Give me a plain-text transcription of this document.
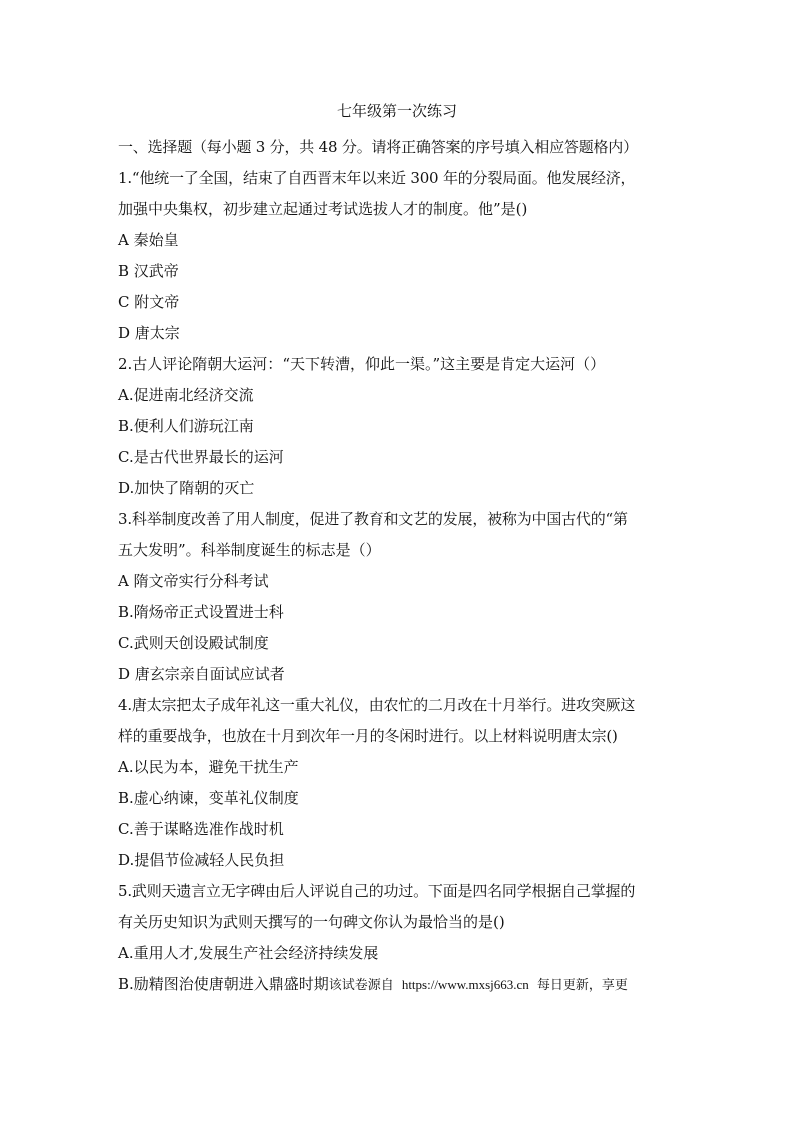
七年级第一次练习
一、选择题（每小题 3 分，共 48 分。请将正确答案的序号填入相应答题格内）
1.“他统一了全国，结束了自西晋末年以来近 300 年的分裂局面。他发展经济，
加强中央集权，初步建立起通过考试选拔人才的制度。他”是()
A 秦始皇
B 汉武帝
C 附文帝
D 唐太宗
2.古人评论隋朝大运河：“天下转漕，仰此一渠。”这主要是肯定大运河（）
A.促进南北经济交流
B.便利人们游玩江南
C.是古代世界最长的运河
D.加快了隋朝的灭亡
3.科举制度改善了用人制度，促进了教育和文艺的发展，被称为中国古代的“第
五大发明”。科举制度诞生的标志是（）
A 隋文帝实行分科考试
B.隋炀帝正式设置进士科
C.武则天创设殿试制度
D 唐玄宗亲自面试应试者
4.唐太宗把太子成年礼这一重大礼仪，由农忙的二月改在十月举行。进攻突厥这
样的重要战争，也放在十月到次年一月的冬闲时进行。以上材料说明唐太宗()
A.以民为本，避免干扰生产
B.虚心纳谏，变革礼仪制度
C.善于谋略选准作战时机
D.提倡节俭减轻人民负担
5.武则天遗言立无字碑由后人评说自己的功过。下面是四名同学根据自己掌握的
有关历史知识为武则天撰写的一句碑文你认为最恰当的是()
A.重用人才,发展生产社会经济持续发展
B.励精图治使唐朝进入鼎盛时期该试卷源自 https://www.mxsj663.cn 每日更新，享更
